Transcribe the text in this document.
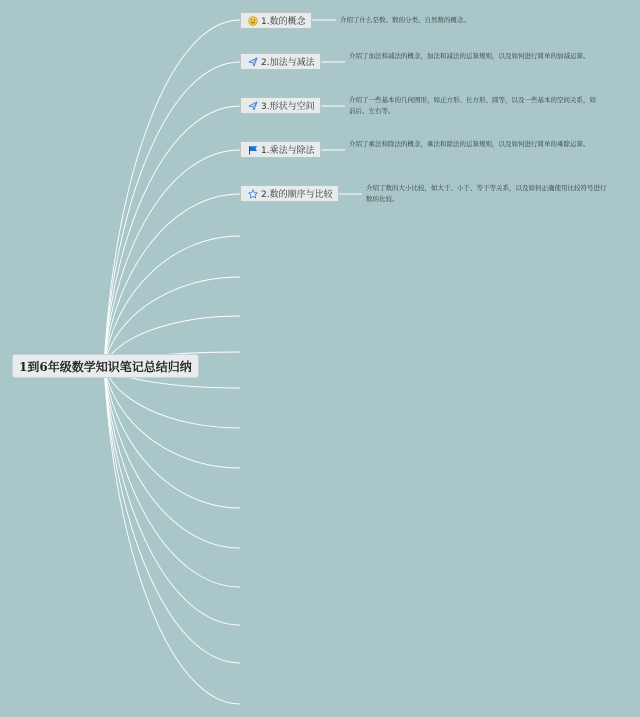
1到6年级数学知识笔记总结归纳
1.数的概念	介绍了什么是数、数的分类、自然数的概念。
2.加法与减法
介绍了加法和减法的概念，加法和减法的运算规则，以及如何进行简单的加减运算。
3.形状与空间
介绍了一些基本的几何图形，如正方形、长方形、圆等，以及一些基本的空间关系，如前后、左右等。
1.乘法与除法
介绍了乘法和除法的概念，乘法和除法的运算规则，以及如何进行简单的乘除运算。
2.数的顺序与比较
介绍了数的大小比较，如大于、小于、等于等关系，以及如何正确使用比较符号进行数的比较。
